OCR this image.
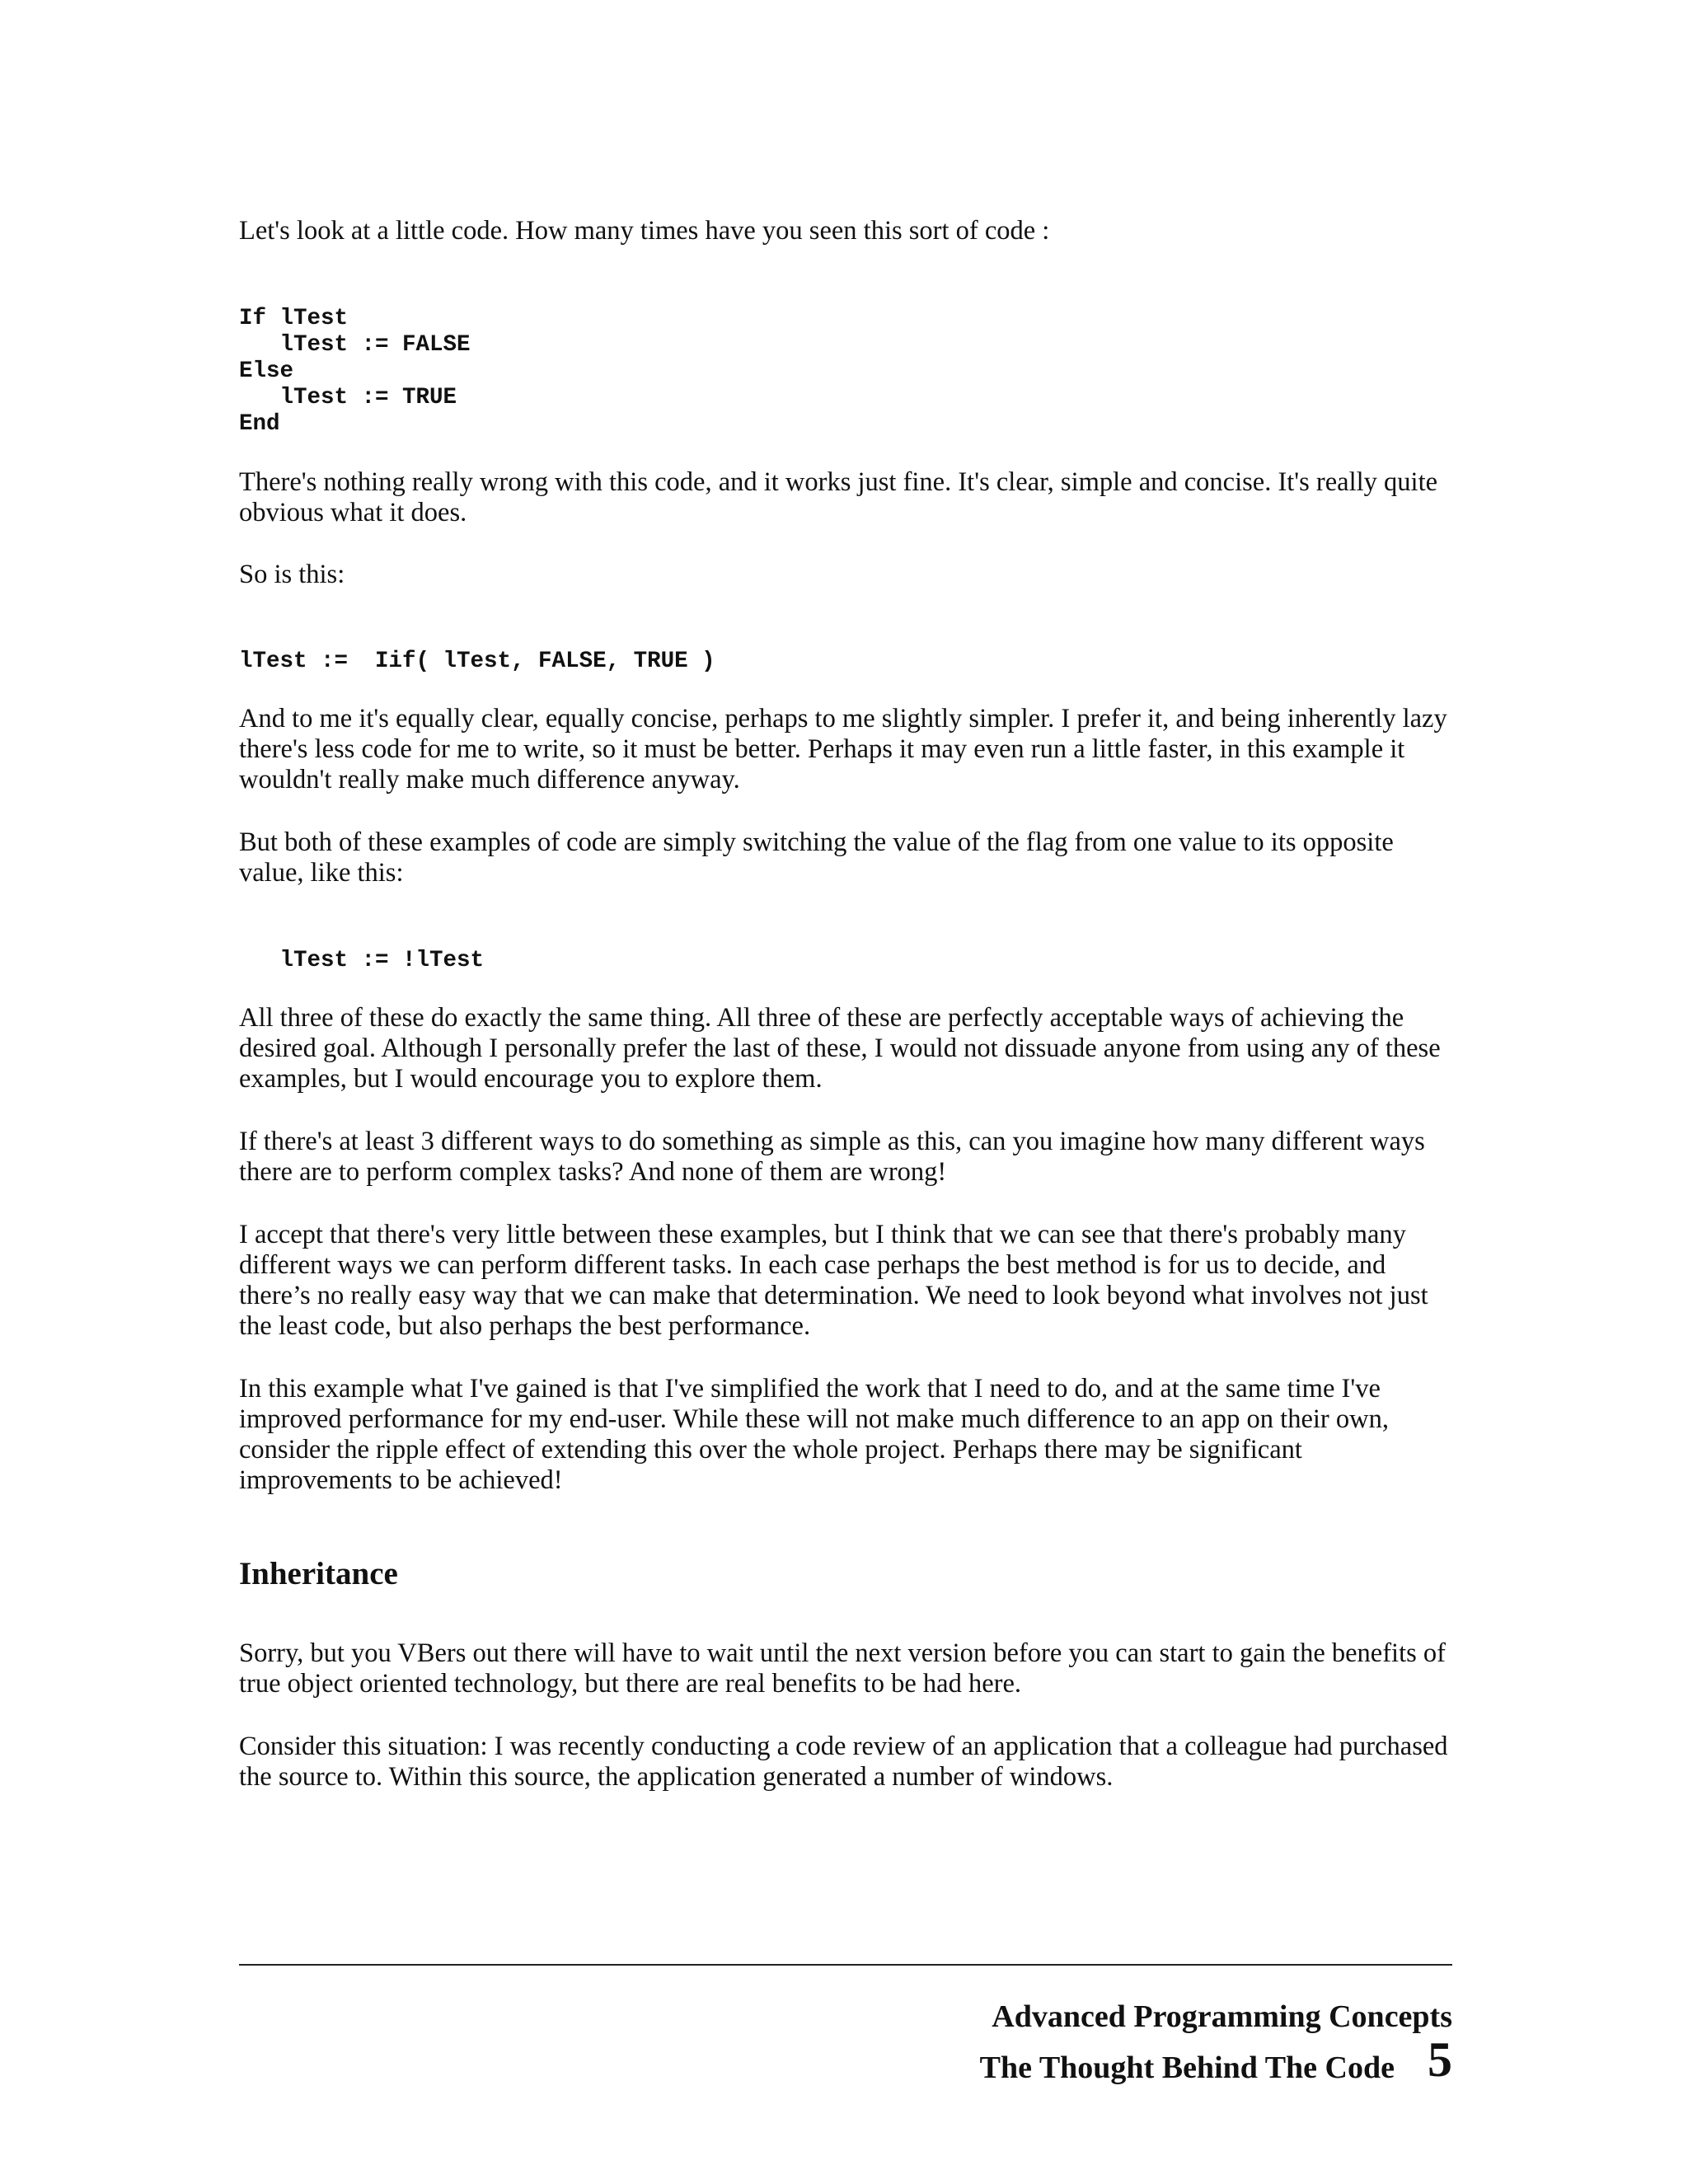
Let's look at a little code. How many times have you seen this sort of code :

If lTest
lTest := FALSE
Else
lTest := TRUE
End

There's nothing really wrong with this code, and it works just fine. It's clear, simple and concise. It's really quite obvious what it does.

So is this:

lTest :=  Iif( lTest, FALSE, TRUE )

And to me it's equally clear, equally concise, perhaps to me slightly simpler. I prefer it, and being inherently lazy there's less code for me to write, so it must be better. Perhaps it may even run a little faster, in this example it wouldn't really make much difference anyway.

But both of these examples of code are simply switching the value of the flag from one value to its opposite value, like this:

lTest := !lTest

All three of these do exactly the same thing. All three of these are perfectly acceptable ways of achieving the desired goal. Although I personally prefer the last of these, I would not dissuade anyone from using any of these examples, but I would encourage you to explore them.

If there's at least 3 different ways to do something as simple as this, can you imagine how many different ways there are to perform complex tasks? And none of them are wrong!

I accept that there's very little between these examples, but I think that we can see that there's probably many different ways we can perform different tasks. In each case perhaps the best method is for us to decide, and there’s no really easy way that we can make that determination. We need to look beyond what involves not just the least code, but also perhaps the best performance.

In this example what I've gained is that I've simplified the work that I need to do, and at the same time I've improved performance for my end-user. While these will not make much difference to an app on their own, consider the ripple effect of extending this over the whole project. Perhaps there may be significant improvements to be achieved!

Inheritance

Sorry, but you VBers out there will have to wait until the next version before you can start to gain the benefits of true object oriented technology, but there are real benefits to be had here.

Consider this situation: I was recently conducting a code review of an application that a colleague had purchased the source to. Within this source, the application generated a number of windows.

Advanced Programming Concepts
The Thought Behind The Code 5
